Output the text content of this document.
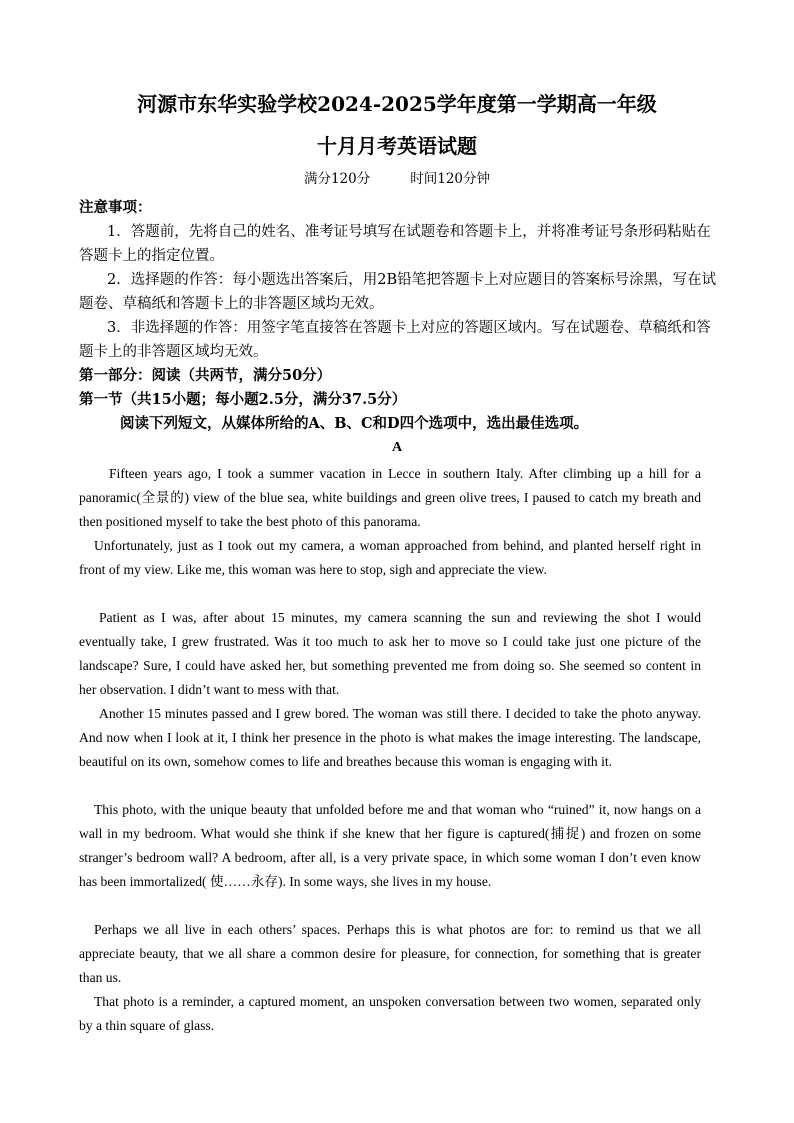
河源市东华实验学校2024-2025学年度第一学期高一年级
十月月考英语试题
满分120分	时间120分钟
注意事项：
1．答题前，先将自己的姓名、准考证号填写在试题卷和答题卡上，并将准考证号条形码粘贴在答题卡上的指定位置。
2．选择题的作答：每小题选出答案后，用2B铅笔把答题卡上对应题目的答案标号涂黑，写在试题卷、草稿纸和答题卡上的非答题区域均无效。
3．非选择题的作答：用签字笔直接答在答题卡上对应的答题区域内。写在试题卷、草稿纸和答题卡上的非答题区域均无效。
第一部分：阅读（共两节，满分50分）
第一节（共15小题；每小题2.5分，满分37.5分）
阅读下列短文，从媒体所给的A、B、C和D四个选项中，选出最佳选项。
A
Fifteen years ago, I took a summer vacation in Lecce in southern Italy. After climbing up a hill for a panoramic(全景的) view of the blue sea, white buildings and green olive trees, I paused to catch my breath and then positioned myself to take the best photo of this panorama.
Unfortunately, just as I took out my camera, a woman approached from behind, and planted herself right in front of my view. Like me, this woman was here to stop, sigh and appreciate the view.
Patient as I was, after about 15 minutes, my camera scanning the sun and reviewing the shot I would eventually take, I grew frustrated. Was it too much to ask her to move so I could take just one picture of the landscape? Sure, I could have asked her, but something prevented me from doing so. She seemed so content in her observation. I didn’t want to mess with that.
Another 15 minutes passed and I grew bored. The woman was still there. I decided to take the photo anyway. And now when I look at it, I think her presence in the photo is what makes the image interesting. The landscape, beautiful on its own, somehow comes to life and breathes because this woman is engaging with it.
This photo, with the unique beauty that unfolded before me and that woman who “ruined” it, now hangs on a wall in my bedroom. What would she think if she knew that her figure is captured(捕捉) and frozen on some stranger’s bedroom wall? A bedroom, after all, is a very private space, in which some woman I don’t even know has been immortalized( 使……永存). In some ways, she lives in my house.
Perhaps we all live in each others’ spaces. Perhaps this is what photos are for: to remind us that we all appreciate beauty, that we all share a common desire for pleasure, for connection, for something that is greater than us.
That photo is a reminder, a captured moment, an unspoken conversation between two women, separated only by a thin square of glass.
